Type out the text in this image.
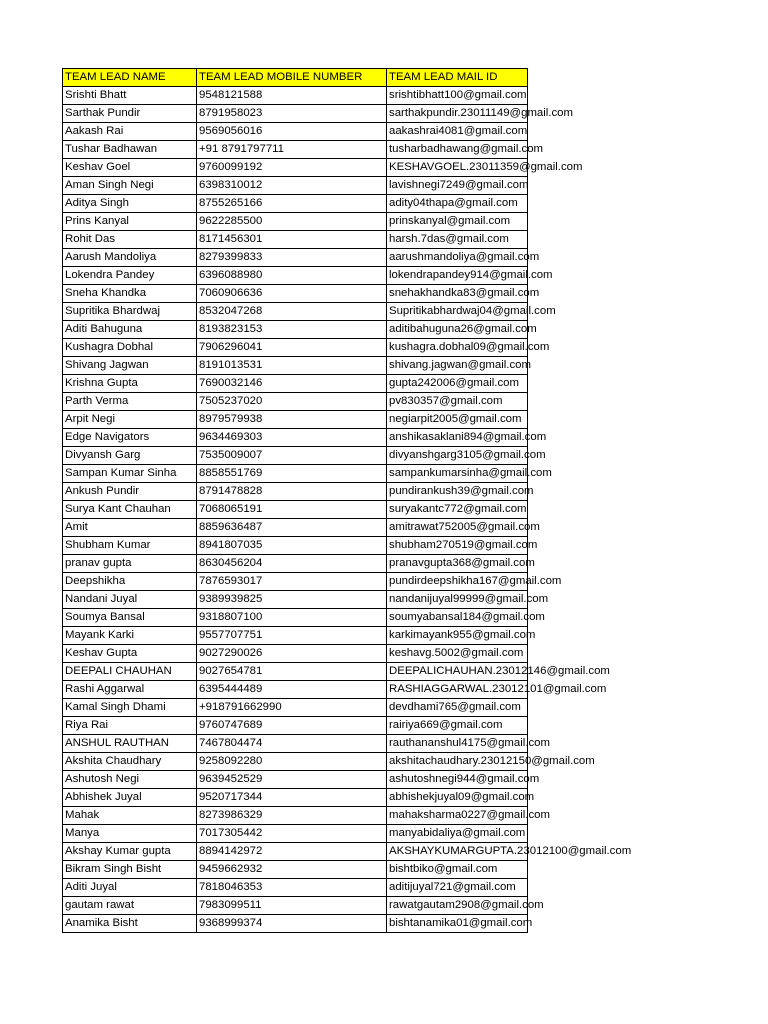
TEAM LEAD NAME	TEAM LEAD MOBILE NUMBER	TEAM LEAD MAIL ID
Srishti Bhatt	9548121588	srishtibhatt100@gmail.com
Sarthak Pundir	8791958023	sarthakpundir.23011149@gmail.com
Aakash Rai	9569056016	aakashrai4081@gmail.com
Tushar Badhawan	+91 8791797711	tusharbadhawang@gmail.com
Keshav Goel	9760099192	KESHAVGOEL.23011359@gmail.com
Aman Singh Negi	6398310012	lavishnegi7249@gmail.com
Aditya Singh	8755265166	adity04thapa@gmail.com
Prins Kanyal	9622285500	prinskanyal@gmail.com
Rohit Das	8171456301	harsh.7das@gmail.com
Aarush Mandoliya	8279399833	aarushmandoliya@gmail.com
Lokendra Pandey	6396088980	lokendrapandey914@gmail.com
Sneha Khandka	7060906636	snehakhandka83@gmail.com
Supritika Bhardwaj	8532047268	Supritikabhardwaj04@gmail.com
Aditi Bahuguna	8193823153	aditibahuguna26@gmail.com
Kushagra Dobhal	7906296041	kushagra.dobhal09@gmail.com
Shivang Jagwan	8191013531	shivang.jagwan@gmail.com
Krishna Gupta	7690032146	gupta242006@gmail.com
Parth Verma	7505237020	pv830357@gmail.com
Arpit Negi	8979579938	negiarpit2005@gmail.com
Edge Navigators	9634469303	anshikasaklani894@gmail.com
Divyansh Garg	7535009007	divyanshgarg3105@gmail.com
Sampan Kumar Sinha	8858551769	sampankumarsinha@gmail.com
Ankush Pundir	8791478828	pundirankush39@gmail.com
Surya Kant Chauhan	7068065191	suryakantc772@gmail.com
Amit	8859636487	amitrawat752005@gmail.com
Shubham Kumar	8941807035	shubham270519@gmail.com
pranav gupta	8630456204	pranavgupta368@gmail.com
Deepshikha	7876593017	pundirdeepshikha167@gmail.com
Nandani Juyal	9389939825	nandanijuyal99999@gmail.com
Soumya Bansal	9318807100	soumyabansal184@gmail.com
Mayank Karki	9557707751	karkimayank955@gmail.com
Keshav Gupta	9027290026	keshavg.5002@gmail.com
DEEPALI CHAUHAN	9027654781	DEEPALICHAUHAN.23012146@gmail.com
Rashi Aggarwal	6395444489	RASHIAGGARWAL.23012101@gmail.com
Kamal Singh Dhami	+918791662990	devdhami765@gmail.com
Riya Rai	9760747689	rairiya669@gmail.com
ANSHUL RAUTHAN	7467804474	rauthananshul4175@gmail.com
Akshita Chaudhary	9258092280	akshitachaudhary.23012150@gmail.com
Ashutosh Negi	9639452529	ashutoshnegi944@gmail.com
Abhishek Juyal	9520717344	abhishekjuyal09@gmail.com
Mahak	8273986329	mahaksharma0227@gmail.com
Manya	7017305442	manyabidaliya@gmail.com
Akshay Kumar gupta	8894142972	AKSHAYKUMARGUPTA.23012100@gmail.com
Bikram Singh Bisht	9459662932	bishtbiko@gmail.com
Aditi Juyal	7818046353	aditijuyal721@gmail.com
gautam rawat	7983099511	rawatgautam2908@gmail.com
Anamika Bisht	9368999374	bishtanamika01@gmail.com
